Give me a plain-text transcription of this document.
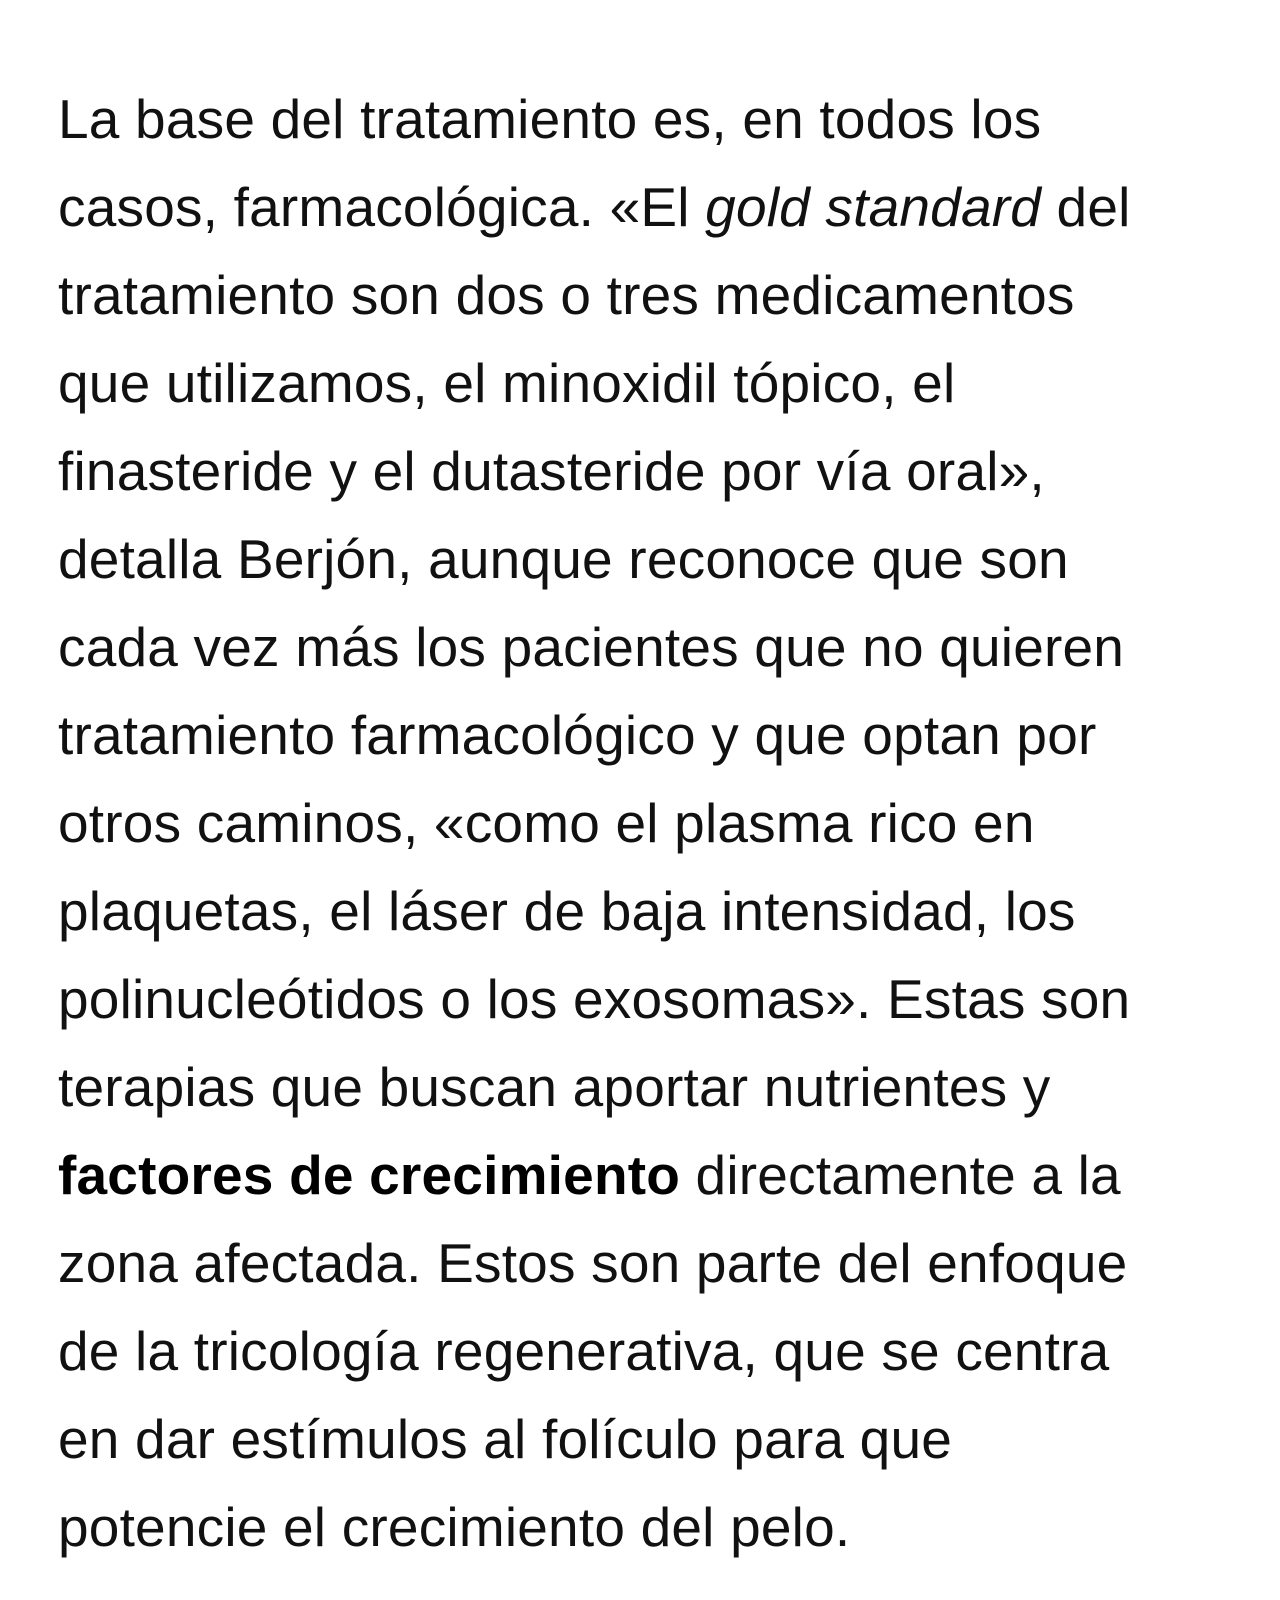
La base del tratamiento es, en todos los
casos, farmacológica. «El gold standard del
tratamiento son dos o tres medicamentos
que utilizamos, el minoxidil tópico, el
finasteride y el dutasteride por vía oral»,
detalla Berjón, aunque reconoce que son
cada vez más los pacientes que no quieren
tratamiento farmacológico y que optan por
otros caminos, «como el plasma rico en
plaquetas, el láser de baja intensidad, los
polinucleótidos o los exosomas». Estas son
terapias que buscan aportar nutrientes y
factores de crecimiento directamente a la
zona afectada. Estos son parte del enfoque
de la tricología regenerativa, que se centra
en dar estímulos al folículo para que
potencie el crecimiento del pelo.
